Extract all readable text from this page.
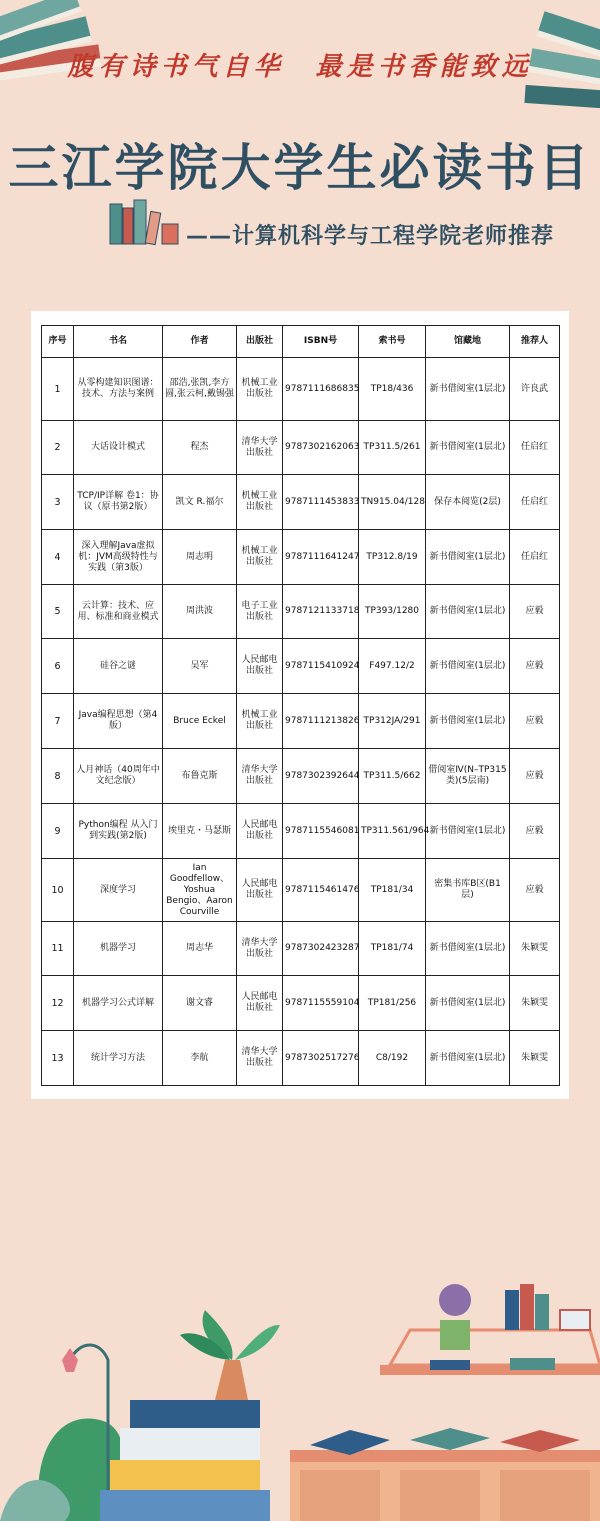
腹有诗书气自华　最是书香能致远
三江学院大学生必读书目
——计算机科学与工程学院老师推荐
序号	书名	作者	出版社	ISBN号	索书号	馆藏地	推荐人
1	从零构建知识图谱：技术、方法与案例	邵浩,张凯,李方圆,张云柯,戴锡强	机械工业出版社	9787111686835	TP18/436	新书借阅室(1层北)	许良武
2	大话设计模式	程杰	清华大学出版社	9787302162063	TP311.5/261	新书借阅室(1层北)	任启红
3	TCP/IP详解 卷1：协议（原书第2版）	凯文 R.福尔	机械工业出版社	9787111453833	TN915.04/128	保存本阅览(2层)	任启红
4	深入理解Java虚拟机：JVM高级特性与实践（第3版）	周志明	机械工业出版社	9787111641247	TP312.8/19	新书借阅室(1层北)	任启红
5	云计算：技术、应用、标准和商业模式	周洪波	电子工业出版社	9787121133718	TP393/1280	新书借阅室(1层北)	应毅
6	硅谷之谜	吴军	人民邮电出版社	9787115410924	F497.12/2	新书借阅室(1层北)	应毅
7	Java编程思想（第4版）	Bruce Eckel	机械工业出版社	9787111213826	TP312JA/291	新书借阅室(1层北)	应毅
8	人月神话（40周年中文纪念版）	布鲁克斯	清华大学出版社	9787302392644	TP311.5/662	借阅室Ⅳ(N–TP315类)(5层南)	应毅
9	Python编程 从入门到实践(第2版)	埃里克・马瑟斯	人民邮电出版社	9787115546081	TP311.561/964	新书借阅室(1层北)	应毅
10	深度学习	Ian Goodfellow、Yoshua Bengio、Aaron Courville	人民邮电出版社	9787115461476	TP181/34	密集书库B区(B1层)	应毅
11	机器学习	周志华	清华大学出版社	9787302423287	TP181/74	新书借阅室(1层北)	朱颖雯
12	机器学习公式详解	谢文睿	人民邮电出版社	9787115559104	TP181/256	新书借阅室(1层北)	朱颖雯
13	统计学习方法	李航	清华大学出版社	9787302517276	C8/192	新书借阅室(1层北)	朱颖雯
